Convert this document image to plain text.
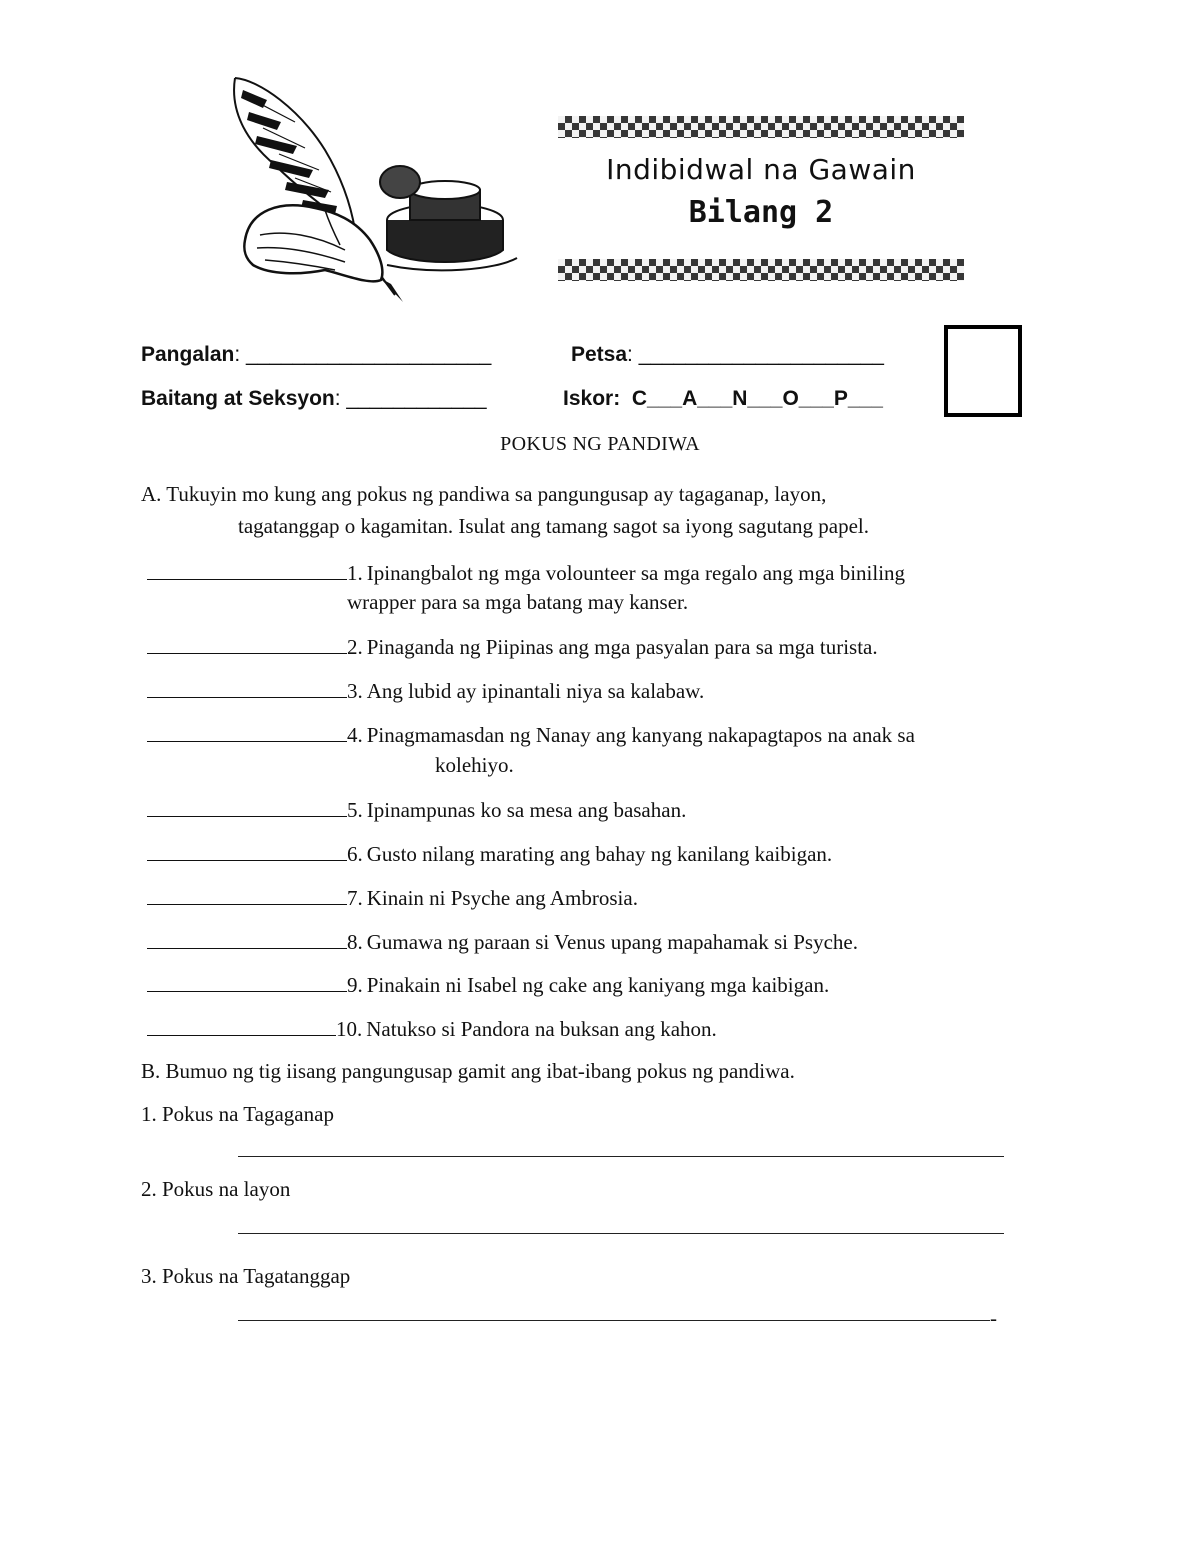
Indibidwal na Gawain
Bilang 2
Pangalan: _____________________	Petsa: _____________________
Baitang at Seksyon: ____________	Iskor: C___A___N___O___P___
POKUS NG PANDIWA
A. Tukuyin mo kung ang pokus ng pandiwa sa pangungusap ay tagaganap, layon,
tagatanggap o kagamitan. Isulat ang tamang sagot sa iyong sagutang papel.
1. Ipinangbalot ng mga volounteer sa mga regalo ang mga biniling
wrapper para sa mga batang may kanser.
2. Pinaganda ng Piipinas ang mga pasyalan para sa mga turista.
3. Ang lubid ay ipinantali niya sa kalabaw.
4. Pinagmamasdan ng Nanay ang kanyang nakapagtapos na anak sa
kolehiyo.
5. Ipinampunas ko sa mesa ang basahan.
6. Gusto nilang marating ang bahay ng kanilang kaibigan.
7. Kinain ni Psyche ang Ambrosia.
8. Gumawa ng paraan si Venus upang mapahamak si Psyche.
9. Pinakain ni Isabel ng cake ang kaniyang mga kaibigan.
10. Natukso si Pandora na buksan ang kahon.
B. Bumuo ng tig iisang pangungusap gamit ang ibat-ibang pokus ng pandiwa.
1. Pokus na Tagaganap
2. Pokus na layon
3. Pokus na Tagatanggap
-
